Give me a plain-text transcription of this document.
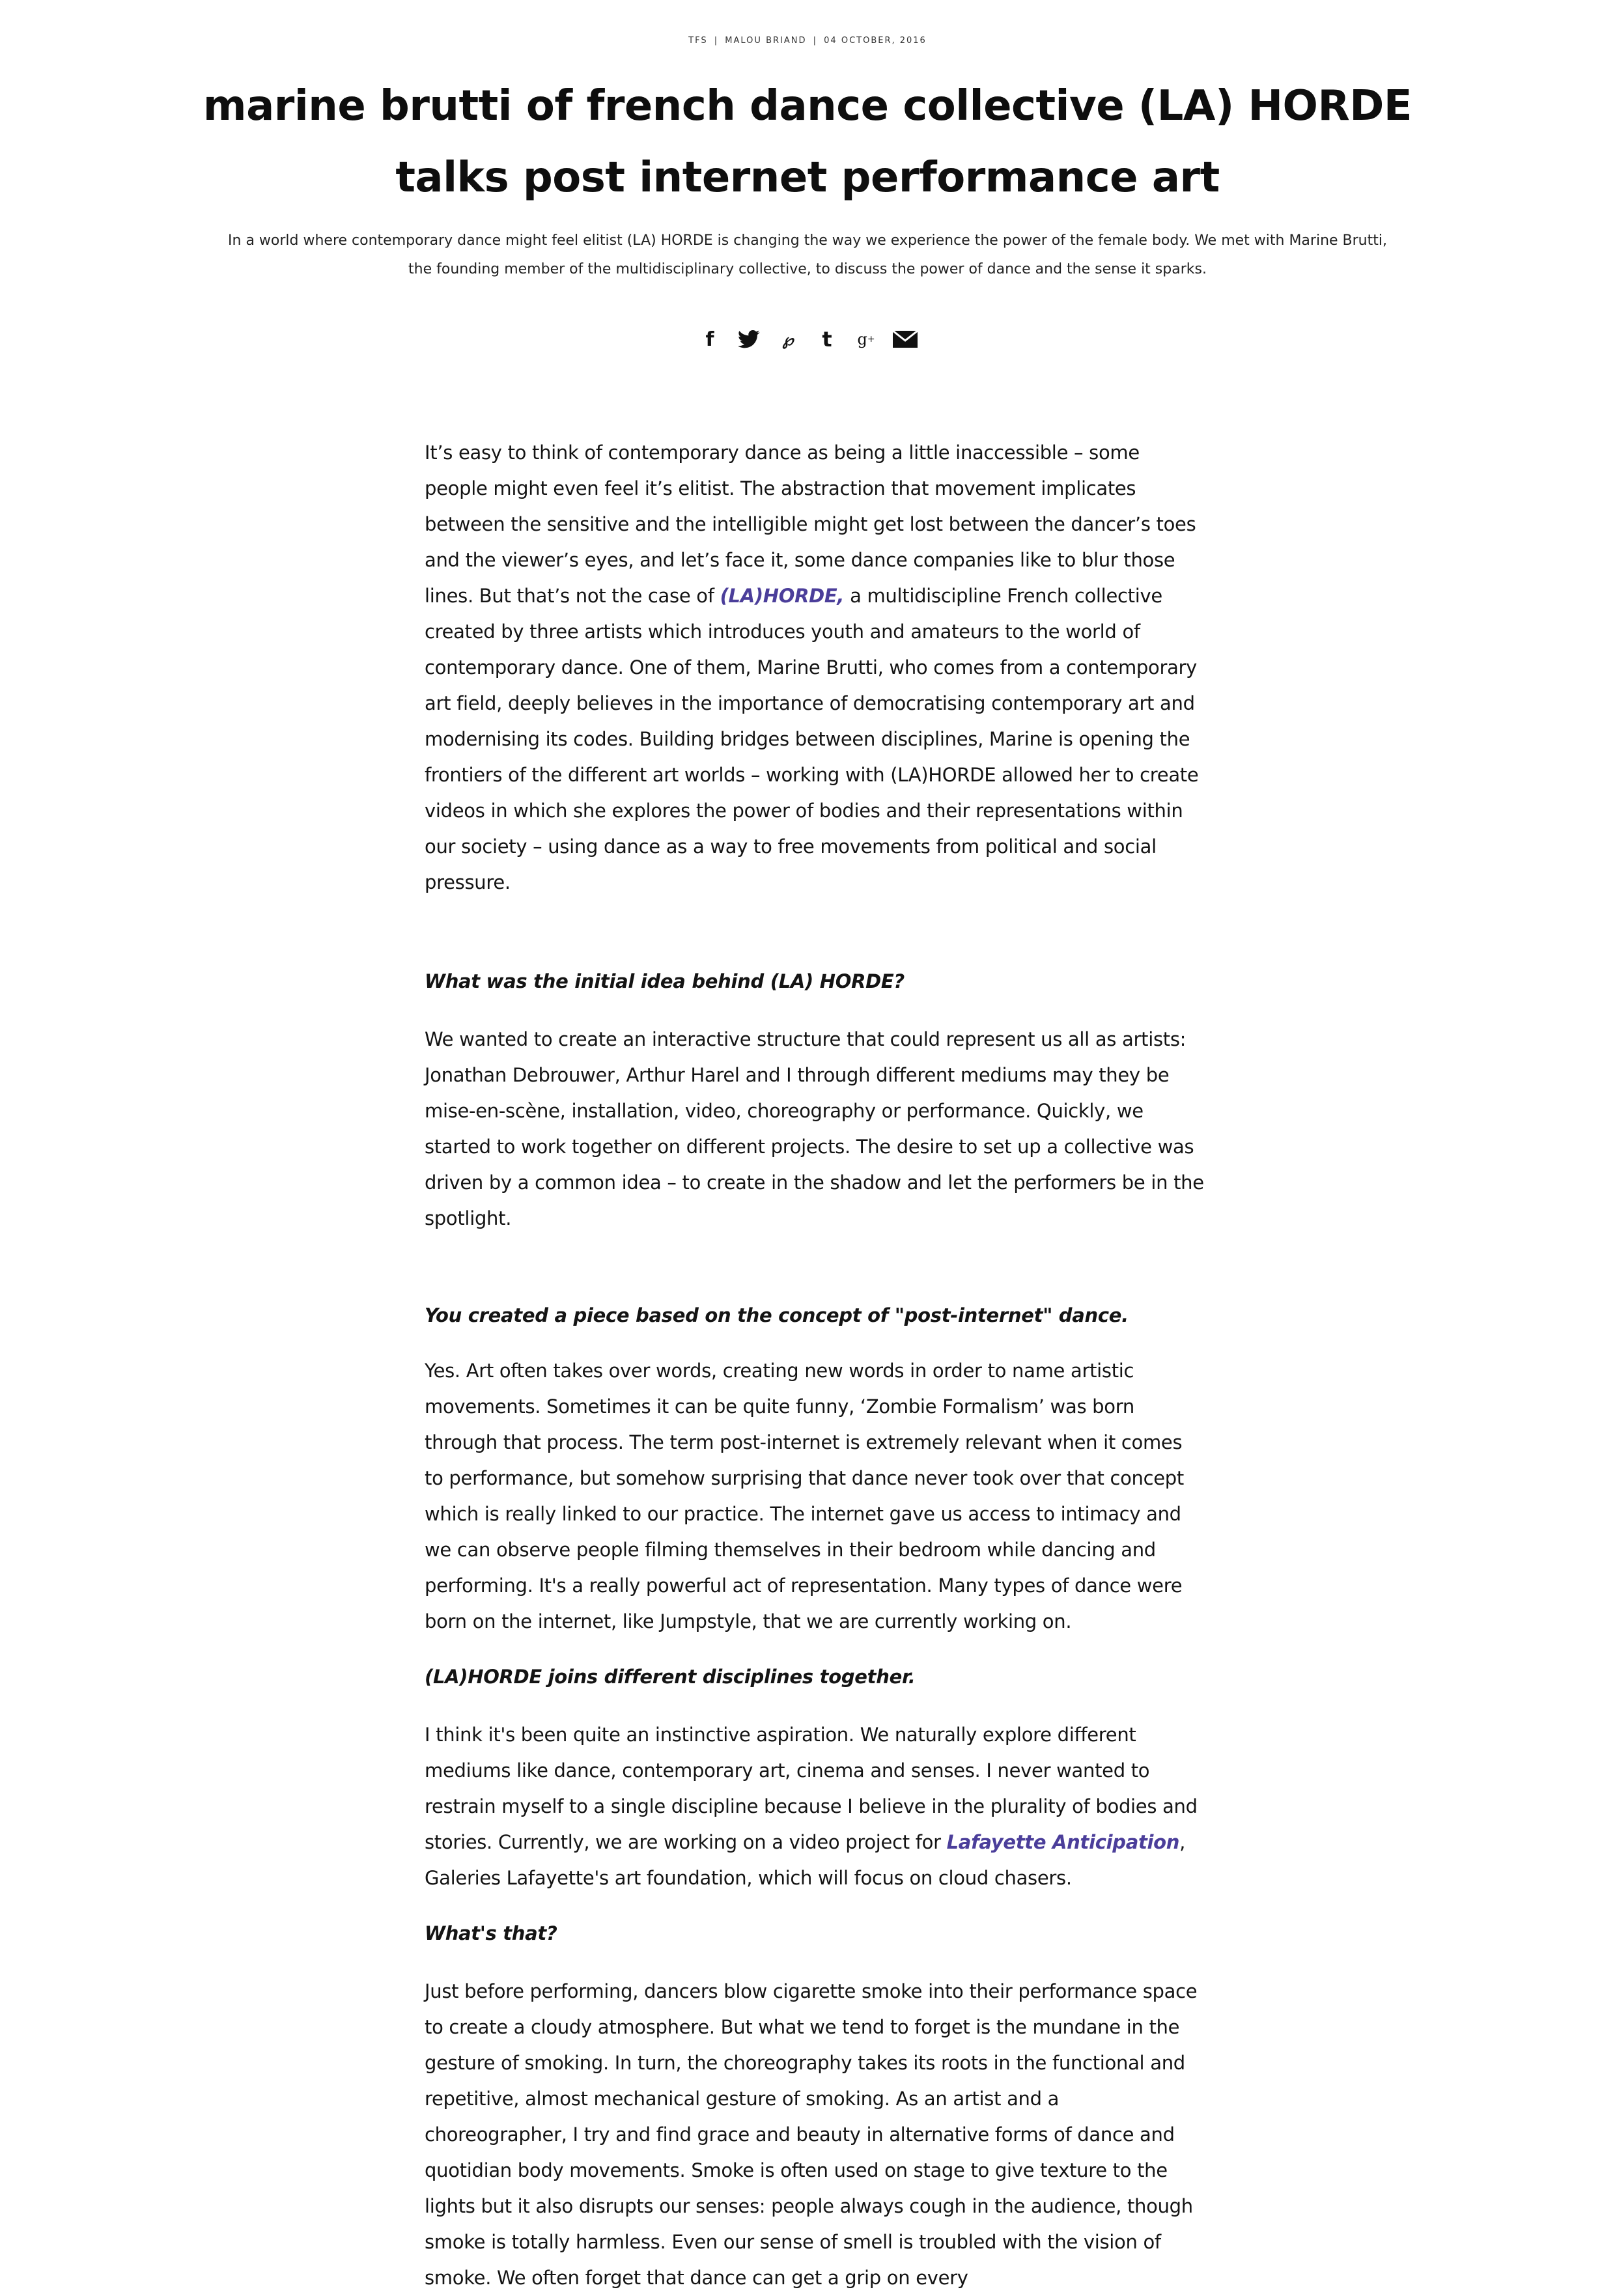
TFS | MALOU BRIAND | 04 OCTOBER, 2016
marine brutti of french dance collective (LA) HORDE talks post internet performance art

In a world where contemporary dance might feel elitist (LA) HORDE is changing the way we experience the power of the female body. We met with Marine Brutti, the founding member of the multidisciplinary collective, to discuss the power of dance and the sense it sparks.

f	℘	t	g +

It’s easy to think of contemporary dance as being a little inaccessible – some people might even feel it’s elitist. The abstraction that movement implicates between the sensitive and the intelligible might get lost between the dancer’s toes and the viewer’s eyes, and let’s face it, some dance companies like to blur those lines. But that’s not the case of (LA)HORDE, a multidiscipline French collective created by three artists which introduces youth and amateurs to the world of contemporary dance. One of them, Marine Brutti, who comes from a contemporary art field, deeply believes in the importance of democratising contemporary art and modernising its codes. Building bridges between disciplines, Marine is opening the frontiers of the different art worlds – working with (LA)HORDE allowed her to create videos in which she explores the power of bodies and their representations within our society – using dance as a way to free movements from political and social pressure.

What was the initial idea behind (LA) HORDE?

We wanted to create an interactive structure that could represent us all as artists: Jonathan Debrouwer, Arthur Harel and I through different mediums may they be mise-en-scène, installation, video, choreography or performance. Quickly, we started to work together on different projects. The desire to set up a collective was driven by a common idea – to create in the shadow and let the performers be in the spotlight.

You created a piece based on the concept of "post-internet" dance.

Yes. Art often takes over words, creating new words in order to name artistic movements. Sometimes it can be quite funny, ‘Zombie Formalism’ was born through that process. The term post-internet is extremely relevant when it comes to performance, but somehow surprising that dance never took over that concept which is really linked to our practice. The internet gave us access to intimacy and we can observe people filming themselves in their bedroom while dancing and performing. It's a really powerful act of representation. Many types of dance were born on the internet, like Jumpstyle, that we are currently working on.

(LA)HORDE joins different disciplines together.

I think it's been quite an instinctive aspiration. We naturally explore different mediums like dance, contemporary art, cinema and senses. I never wanted to restrain myself to a single discipline because I believe in the plurality of bodies and stories. Currently, we are working on a video project for Lafayette Anticipation, Galeries Lafayette's art foundation, which will focus on cloud chasers.

What's that?

Just before performing, dancers blow cigarette smoke into their performance space to create a cloudy atmosphere. But what we tend to forget is the mundane in the gesture of smoking. In turn, the choreography takes its roots in the functional and repetitive, almost mechanical gesture of smoking. As an artist and a choreographer, I try and find grace and beauty in alternative forms of dance and quotidian body movements. Smoke is often used on stage to give texture to the lights but it also disrupts our senses: people always cough in the audience, though smoke is totally harmless. Even our sense of smell is troubled with the vision of smoke. We often forget that dance can get a grip on every
